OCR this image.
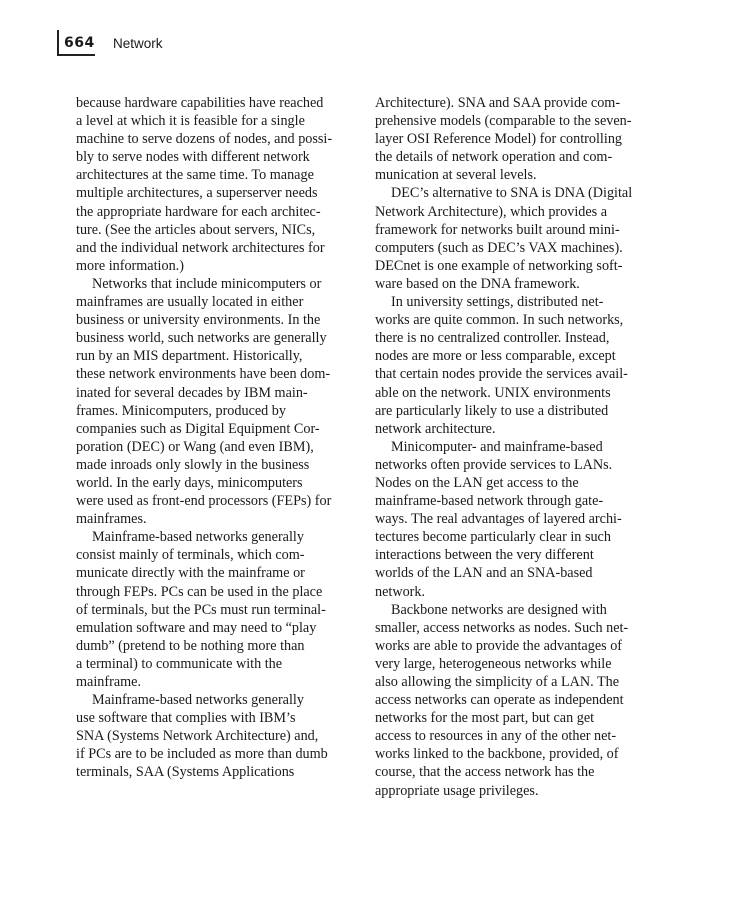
664 Network
because hardware capabilities have reached
a level at which it is feasible for a single
machine to serve dozens of nodes, and possi-
bly to serve nodes with different network
architectures at the same time. To manage
multiple architectures, a superserver needs
the appropriate hardware for each architec-
ture. (See the articles about servers, NICs,
and the individual network architectures for
more information.)
Networks that include minicomputers or
mainframes are usually located in either
business or university environments. In the
business world, such networks are generally
run by an MIS department. Historically,
these network environments have been dom-
inated for several decades by IBM main-
frames. Minicomputers, produced by
companies such as Digital Equipment Cor-
poration (DEC) or Wang (and even IBM),
made inroads only slowly in the business
world. In the early days, minicomputers
were used as front-end processors (FEPs) for
mainframes.
Mainframe-based networks generally
consist mainly of terminals, which com-
municate directly with the mainframe or
through FEPs. PCs can be used in the place
of terminals, but the PCs must run terminal-
emulation software and may need to “play
dumb” (pretend to be nothing more than
a terminal) to communicate with the
mainframe.
Mainframe-based networks generally
use software that complies with IBM’s
SNA (Systems Network Architecture) and,
if PCs are to be included as more than dumb
terminals, SAA (Systems Applications
Architecture). SNA and SAA provide com-
prehensive models (comparable to the seven-
layer OSI Reference Model) for controlling
the details of network operation and com-
munication at several levels.
DEC’s alternative to SNA is DNA (Digital
Network Architecture), which provides a
framework for networks built around mini-
computers (such as DEC’s VAX machines).
DECnet is one example of networking soft-
ware based on the DNA framework.
In university settings, distributed net-
works are quite common. In such networks,
there is no centralized controller. Instead,
nodes are more or less comparable, except
that certain nodes provide the services avail-
able on the network. UNIX environments
are particularly likely to use a distributed
network architecture.
Minicomputer- and mainframe-based
networks often provide services to LANs.
Nodes on the LAN get access to the
mainframe-based network through gate-
ways. The real advantages of layered archi-
tectures become particularly clear in such
interactions between the very different
worlds of the LAN and an SNA-based
network.
Backbone networks are designed with
smaller, access networks as nodes. Such net-
works are able to provide the advantages of
very large, heterogeneous networks while
also allowing the simplicity of a LAN. The
access networks can operate as independent
networks for the most part, but can get
access to resources in any of the other net-
works linked to the backbone, provided, of
course, that the access network has the
appropriate usage privileges.
